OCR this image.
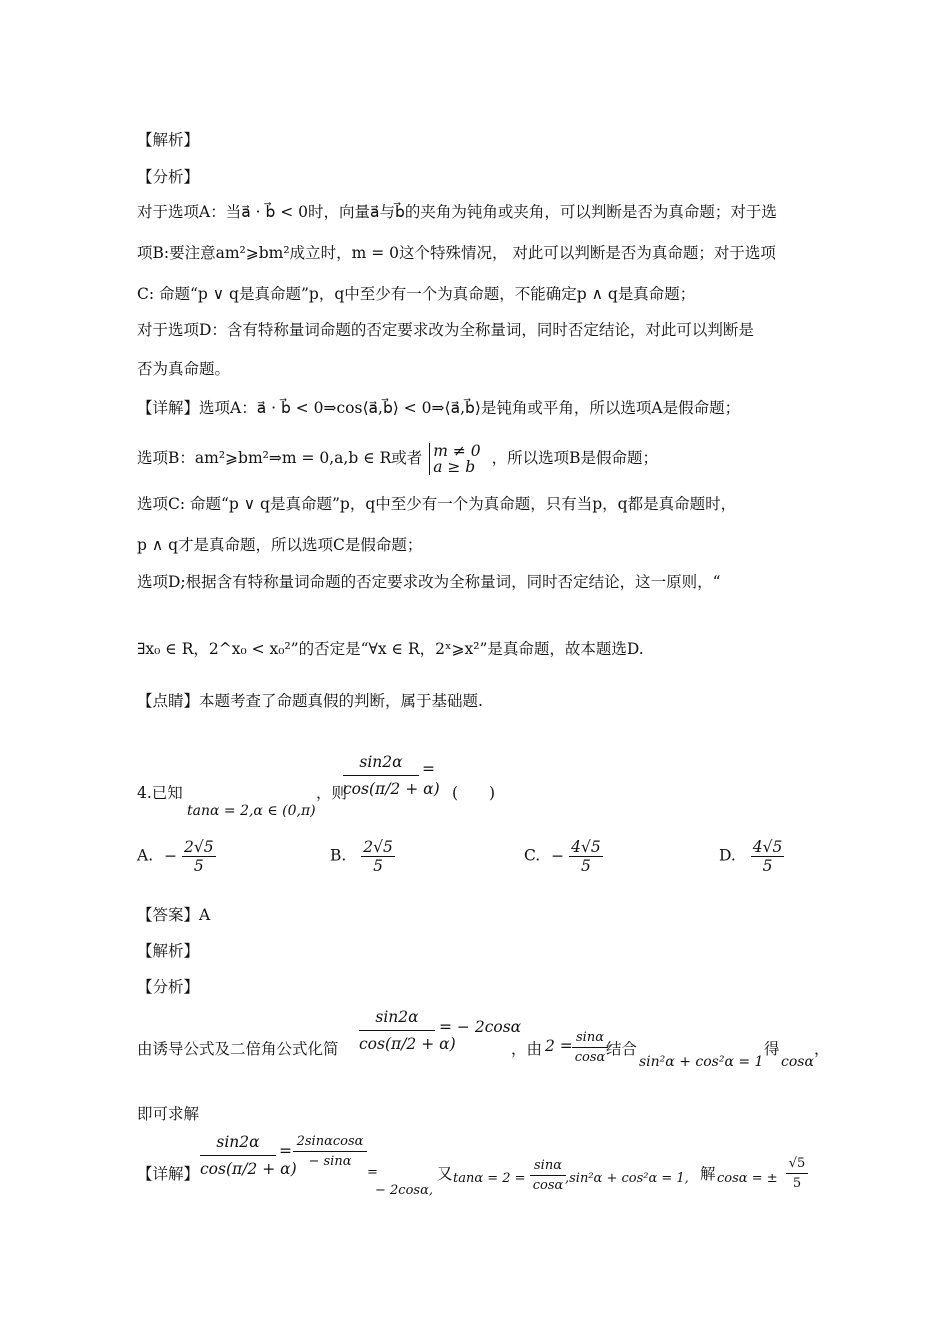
【解析】
【分析】
对于选项A：当a⃗ · b⃗ < 0时，向量a⃗与b⃗的夹角为钝角或夹角，可以判断是否为真命题；对于选
项B:要注意am²⩾bm²成立时，m = 0这个特殊情况， 对此可以判断是否为真命题；对于选项
C: 命题“p ∨ q是真命题”p，q中至少有一个为真命题，不能确定p ∧ q是真命题；
对于选项D：含有特称量词命题的否定要求改为全称量词，同时否定结论，对此可以判断是
否为真命题。
【详解】选项A：a⃗ · b⃗ < 0⇒cos⟨a⃗,b⃗⟩ < 0⇒⟨a⃗,b⃗⟩是钝角或平角，所以选项A是假命题；
选项B：am²⩾bm²⇒m = 0,a,b ∈ R或者 m ≠ 0
a ≥ b	，所以选项B是假命题；
选项C: 命题“p ∨ q是真命题”p，q中至少有一个为真命题，只有当p，q都是真命题时，
p ∧ q才是真命题，所以选项C是假命题；
选项D;根据含有特称量词命题的否定要求改为全称量词，同时否定结论，这一原则，“
∃x₀ ∈ R，2^x₀ < x₀²”的否定是“∀x ∈ R，2ˣ⩾x²”是真命题，故本题选D.
【点睛】本题考查了命题真假的判断，属于基础题.
4.已知
tanα = 2,α ∈ (0,π)
，则
$\frac{\sin 2\alpha}{\cos(\pi/2 + \alpha)}$ =
(　　)
A. − $\frac{2√5}{5}$	B. $\frac{2√5}{5}$	C. − $\frac{4√5}{5}$	D. $\frac{4√5}{5}$
【答案】A
【解析】
【分析】
由诱导公式及二倍角公式化简 $\frac{\sin 2\alpha}{\cos(\pi/2 + \alpha)}$ = − 2cosα
，由 $2 = \frac{\sin\alpha}{\cos\alpha}$
结合
sin²α + cos²α = 1
得
cosα
，
即可求解
【详解】 $\frac{\sin 2\alpha}{\cos(\pi/2 + \alpha)} = \frac{2\sin\alpha\cos\alpha}{- \sin\alpha}$
=
− 2cosα,
又 $\tan\alpha = 2 = \frac{\sin\alpha}{\cos\alpha} ,\sin^2\alpha + \cos^2\alpha = 1$, 解 cosα = ± $\frac{√5}{5}$
